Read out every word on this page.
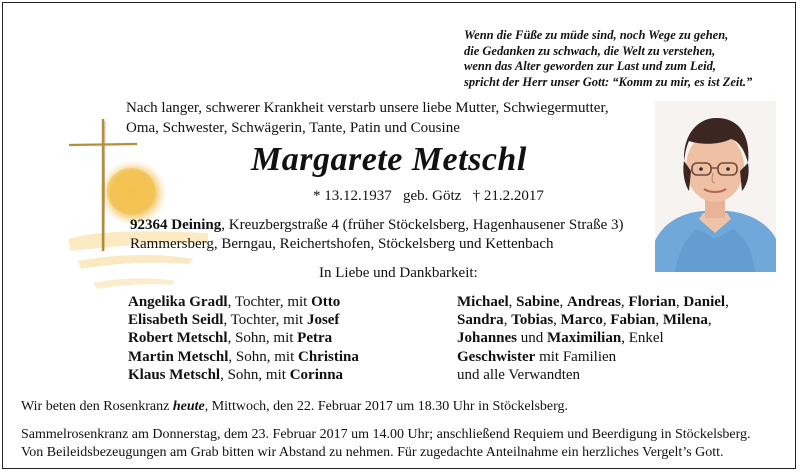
Wenn die Füße zu müde sind, noch Wege zu gehen,
die Gedanken zu schwach, die Welt zu verstehen,
wenn das Alter geworden zur Last und zum Leid,
spricht der Herr unser Gott: “Komm zu mir, es ist Zeit.”
Nach langer, schwerer Krankheit verstarb unsere liebe Mutter, Schwiegermutter,
Oma, Schwester, Schwägerin, Tante, Patin und Cousine
Margarete Metschl
* 13.12.1937   geb. Götz   † 21.2.2017
92364 Deining, Kreuzbergstraße 4 (früher Stöckelsberg, Hagenhausener Straße 3)
Rammersberg, Berngau, Reichertshofen, Stöckelsberg und Kettenbach
In Liebe und Dankbarkeit:
Angelika Gradl, Tochter, mit Otto
Elisabeth Seidl, Tochter, mit Josef
Robert Metschl, Sohn, mit Petra
Martin Metschl, Sohn, mit Christina
Klaus Metschl, Sohn, mit Corinna
Michael, Sabine, Andreas, Florian, Daniel,
Sandra, Tobias, Marco, Fabian, Milena,
Johannes und Maximilian, Enkel
Geschwister mit Familien
und alle Verwandten
Wir beten den Rosenkranz heute, Mittwoch, den 22. Februar 2017 um 18.30 Uhr in Stöckelsberg.
Sammelrosenkranz am Donnerstag, dem 23. Februar 2017 um 14.00 Uhr; anschließend Requiem und Beerdigung in Stöckelsberg.
Von Beileidsbezeugungen am Grab bitten wir Abstand zu nehmen. Für zugedachte Anteilnahme ein herzliches Vergelt’s Gott.
